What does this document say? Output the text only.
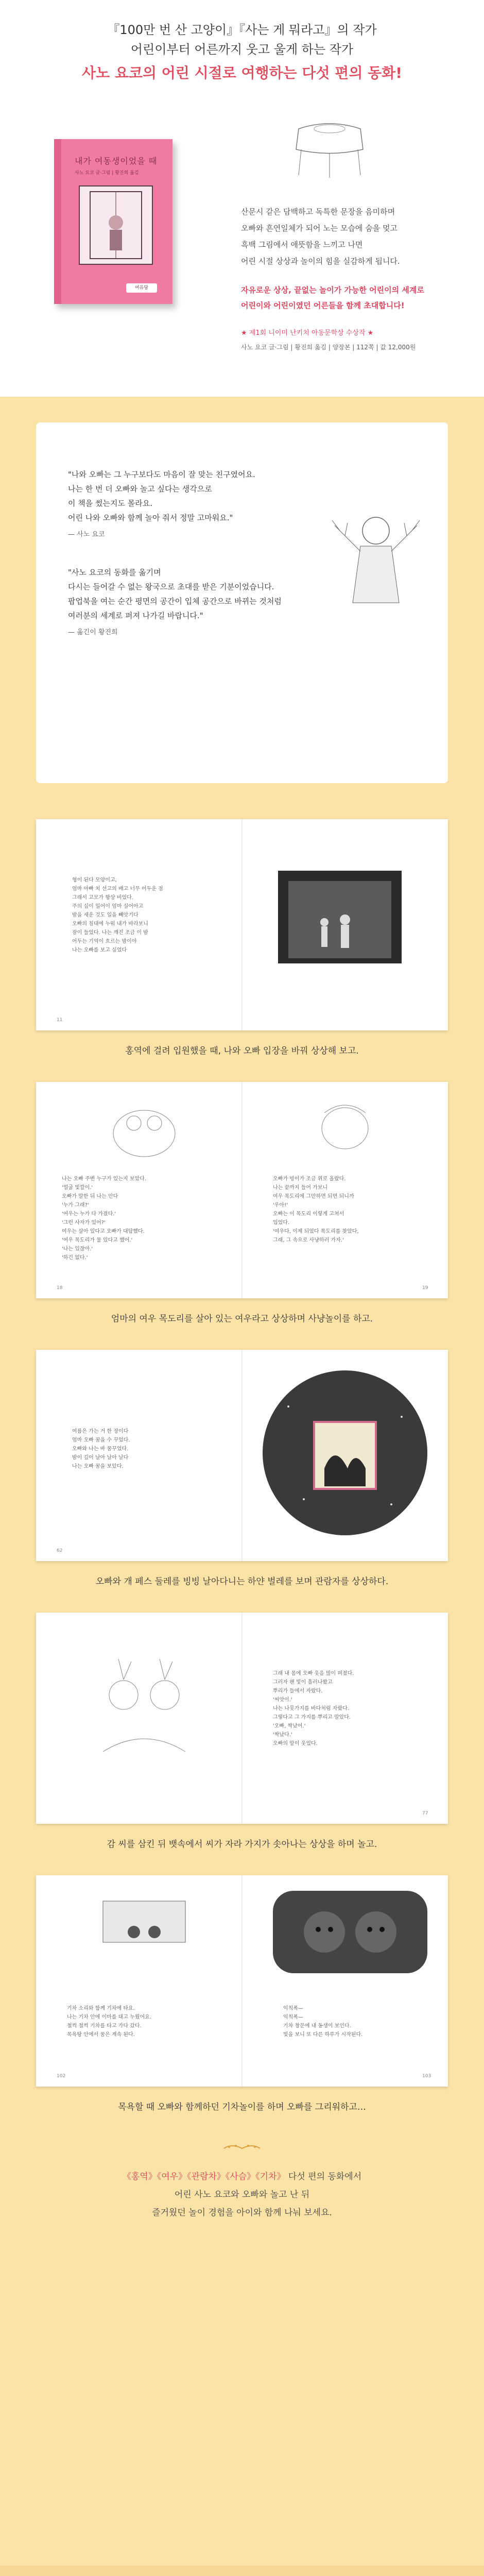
『100만 번 산 고양이』『사는 게 뭐라고』의 작가
어린이부터 어른까지 웃고 울게 하는 작가
사노 요코의 어린 시절로 여행하는 다섯 편의 동화!
내가 여동생이었을 때
사노 요코 글·그림 | 황진희 옮김
여유당
산문시 같은 담백하고 독특한 문장을 음미하며
오빠와 흔연일체가 되어 노는 모습에 숨을 멎고
흑백 그림에서 애뜻함을 느끼고 나면
어린 시절 상상과 놀이의 힘을 실감하게 됩니다.
자유로운 상상, 끝없는 놀이가 가능한 어린이의 세계로
어린이와 어린이였던 어른들을 함께 초대합니다!
★ 제1회 니이미 난키치 아동문학상 수상작 ★
사노 요코 글·그림 | 황진희 옮김 | 양장본 | 112쪽 | 값 12,000원
"나와 오빠는 그 누구보다도 마음이 잘 맞는 친구였어요.
나는 한 번 더 오빠와 놀고 싶다는 생각으로
이 책을 썼는지도 몰라요.
어린 나와 오빠와 함께 놀아 줘서 정말 고마워요."
— 사노 요코
"사노 요코의 동화를 옮기며
다시는 들어갈 수 없는 왕국으로 초대를 받은 기분이었습니다.
팝업북을 여는 순간 평면의 공간이 입체 공간으로 바뀌는 것처럼
여러분의 세계로 퍼져 나가길 바랍니다."
— 옮긴이 황진희
형이 된다 모양이고,
엄마 아빠 치 선고의 배고 너무 어두운 점
그래서 고모가 항상 비었다.
주의 싶이 일어이 엄마 실어아고
밤을 새운 것도 일을 빼앗기다
오빠의 침대에 누워 내가 바라보니
잠이 들었다. 나는 깨진 조금 이 밤
어두는 기억이 흐르는 밤이야
나는 오빠를 보고 싶었다
11
홍역에 걸려 입원했을 때, 나와 오빠 입장을 바꿔 상상해 보고.
나는 오빠 주변 누구가 있는지 보았다.
'얼굴 빛깔이.'
오빠가 말한 뒤 나는 안다
'누가 그래?'
'여우는 누가 다 가졌다.'
'그런 사자가 있어?'
여우는 살아 있다고 오빠가 대답했다.
'여우 목도리가 물 있다고 했어.'
'나는 있잖아.'
'하긴 없다.'
오빠가 빙이가 조금 위로 올랐다.
나는 끝까지 들어 가보니
여우 목도리에 그만하면 되면 되니까
'우아!'
오빠는 이 목도리 이렇게 고쳐서
입었다.
'여우다, 이제 되었다 목도리를 찾았다,
그래, 그 속으로 사냥하러 가자.'
18	19
엄마의 여우 목도리를 살아 있는 여우라고 상상하며 사냥놀이를 하고.
여름은 가는 거 한 장이다
엄마 오빠 꿈을 수 꾸었다.
오빠와 나는 바 꿈꾸었다.
밤이 깊어 날아 날아 날다
나는 오빠 꿈을 보았다.
62
오빠와 개 페스 둘레를 빙빙 날아다니는 하얀 벌레를 보며 관람자를 상상하다.
그래 내 몸에 오빠 웃음 많이 펴졌다.
그러자 왠 빛이 흘러나왔고
뿌리가 들에서 자랐다.
'씨앗이.'
나는 나뭇가지를 바다처럼 자랐다.
그렇다고 그 가지를 뿌리고 말았다.
'오빠, 싹났어.'
'싹났다.'
오빠의 말이 웃었다.
77
감 씨를 삼킨 뒤 뱃속에서 씨가 자라 가지가 솟아나는 상상을 하며 놀고.
기차 소리와 함께 기차에 타요.
나는 기차 안에 이마를 대고 누웠어요.
철컥 철컥 기차를 타고 가다 갔다.
목욕탕 안에서 꿈은 계속 된다.
익칙폭—
익칙폭—
기차 창문에 내 동생이 보인다.
빛을 보니 또 다른 하루가 시작된다.
102	103
목욕할 때 오빠와 함께하던 기차놀이를 하며 오빠를 그리워하고…
《홍역》《여우》《관람차》《사슴》《기차》 다섯 편의 동화에서
어린 사노 요코와 오빠와 놀고 난 뒤
즐거웠던 놀이 경험을 아이와 함께 나눠 보세요.
